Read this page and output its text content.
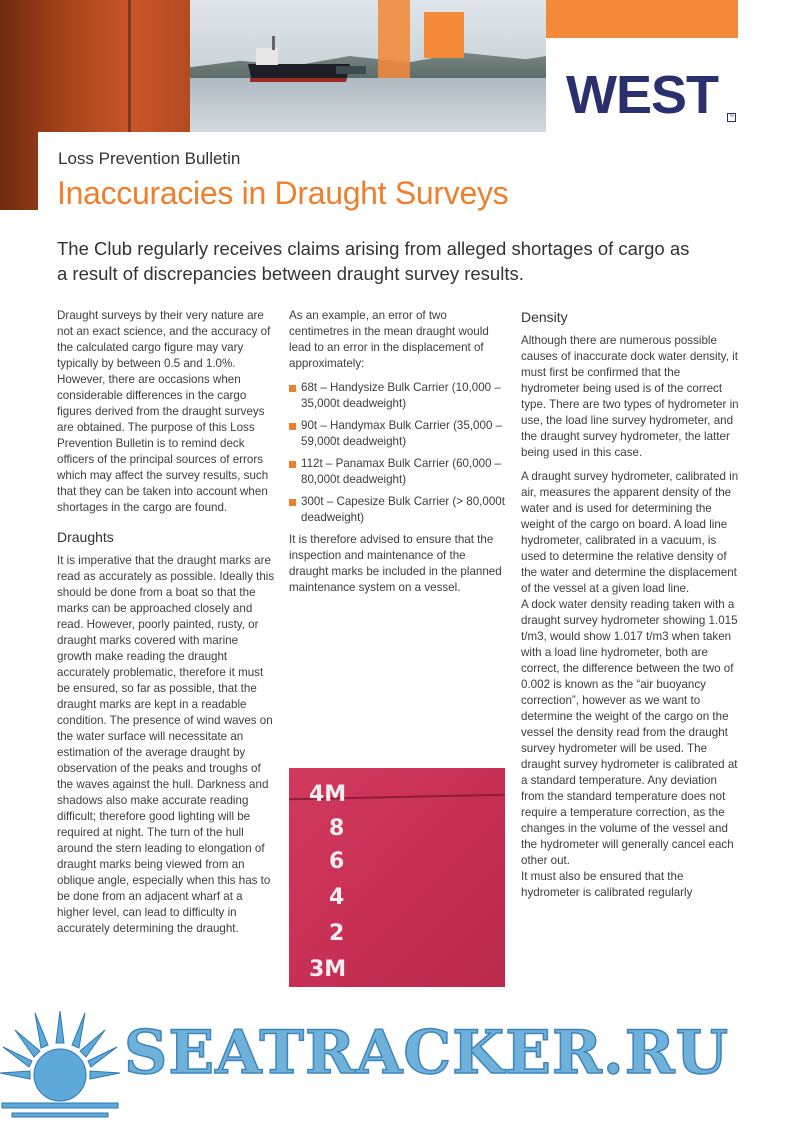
WEST	™
Loss Prevention Bulletin
Inaccuracies in Draught Surveys
The Club regularly receives claims arising from alleged shortages of cargo as a result of discrepancies between draught survey results.

Draught surveys by their very nature are not an exact science, and the accuracy of the calculated cargo figure may vary typically by between 0.5 and 1.0%. However, there are occasions when considerable differences in the cargo figures derived from the draught surveys are obtained. The purpose of this Loss Prevention Bulletin is to remind deck officers of the principal sources of errors which may affect the survey results, such that they can be taken into account when shortages in the cargo are found.

Draughts

It is imperative that the draught marks are read as accurately as possible. Ideally this should be done from a boat so that the marks can be approached closely and read. However, poorly painted, rusty, or draught marks covered with marine growth make reading the draught accurately problematic, therefore it must be ensured, so far as possible, that the draught marks are kept in a readable condition. The presence of wind waves on the water surface will necessitate an estimation of the average draught by observation of the peaks and troughs of the waves against the hull. Darkness and shadows also make accurate reading difficult; therefore good lighting will be required at night. The turn of the hull around the stern leading to elongation of draught marks being viewed from an oblique angle, especially when this has to be done from an adjacent wharf at a higher level, can lead to difficulty in accurately determining the draught.

As an example, an error of two centimetres in the mean draught would lead to an error in the displacement of approximately:

68t – Handysize Bulk Carrier (10,000 – 35,000t deadweight)
90t – Handymax Bulk Carrier (35,000 – 59,000t deadweight)
112t – Panamax Bulk Carrier (60,000 – 80,000t deadweight)
300t – Capesize Bulk Carrier (> 80,000t deadweight)

It is therefore advised to ensure that the inspection and maintenance of the draught marks be included in the planned maintenance system on a vessel.

4M
8
6
4
2
3M
Density

Although there are numerous possible causes of inaccurate dock water density, it must first be confirmed that the hydrometer being used is of the correct type. There are two types of hydrometer in use, the load line survey hydrometer, and the draught survey hydrometer, the latter being used in this case.

A draught survey hydrometer, calibrated in air, measures the apparent density of the water and is used for determining the weight of the cargo on board. A load line hydrometer, calibrated in a vacuum, is used to determine the relative density of the water and determine the displacement of the vessel at a given load line.

A dock water density reading taken with a draught survey hydrometer showing 1.015 t/m3, would show 1.017 t/m3 when taken with a load line hydrometer, both are correct, the difference between the two of 0.002 is known as the “air buoyancy correction”, however as we want to determine the weight of the cargo on the vessel the density read from the draught survey hydrometer will be used. The draught survey hydrometer is calibrated at a standard temperature. Any deviation from the standard temperature does not require a temperature correction, as the changes in the volume of the vessel and the hydrometer will generally cancel each other out.

It must also be ensured that the hydrometer is calibrated regularly

SEATRACKER.RU
